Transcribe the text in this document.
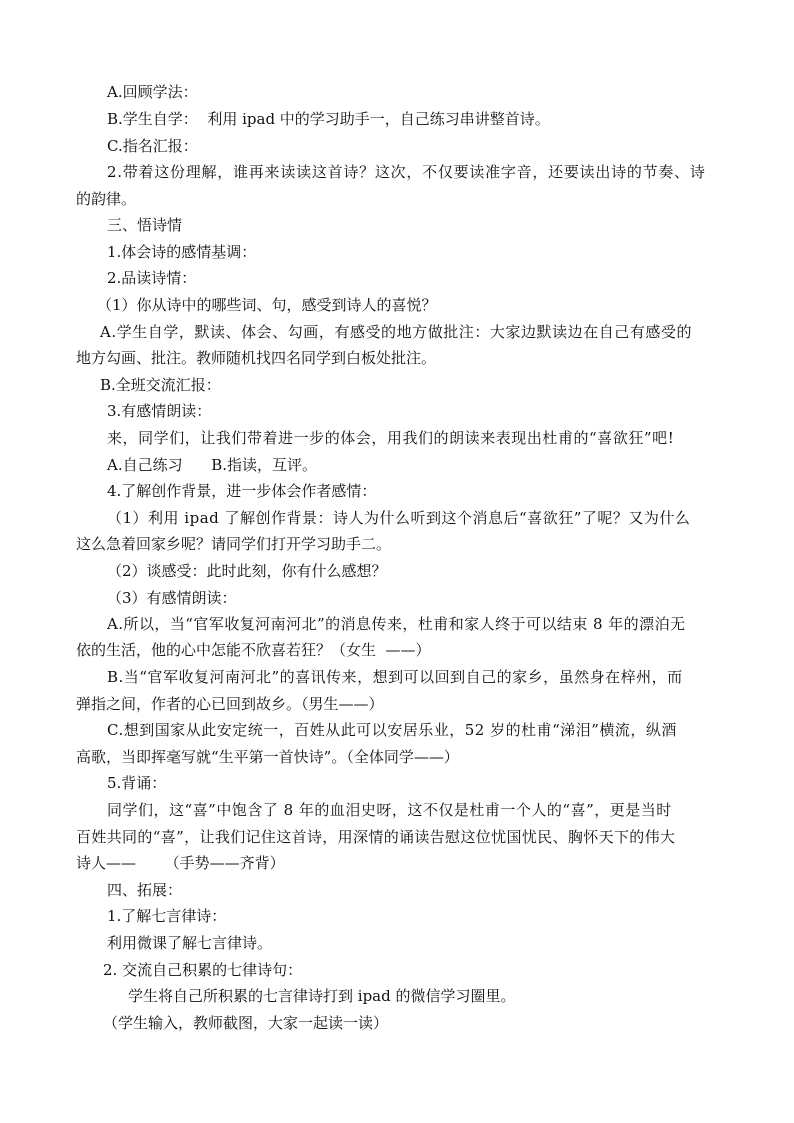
A.回顾学法：
B.学生自学：  利用 ipad 中的学习助手一，自己练习串讲整首诗。
C.指名汇报：
2.带着这份理解，谁再来读读这首诗？这次，不仅要读准字音，还要读出诗的节奏、诗
的韵律。
三、悟诗情
1.体会诗的感情基调：
2.品读诗情：
（1）你从诗中的哪些词、句，感受到诗人的喜悦？
A.学生自学，默读、体会、勾画，有感受的地方做批注：大家边默读边在自己有感受的
地方勾画、批注。教师随机找四名同学到白板处批注。
B.全班交流汇报：
3.有感情朗读：
来，同学们，让我们带着进一步的体会，用我们的朗读来表现出杜甫的“喜欲狂”吧!
A.自己练习      B.指读，互评。
4.了解创作背景，进一步体会作者感情：
（1）利用 ipad 了解创作背景：诗人为什么听到这个消息后“喜欲狂”了呢？又为什么
这么急着回家乡呢？请同学们打开学习助手二。
（2）谈感受：此时此刻，你有什么感想？
（3）有感情朗读：
A.所以，当“官军收复河南河北”的消息传来，杜甫和家人终于可以结束 8 年的漂泊无
依的生活，他的心中怎能不欣喜若狂？（女生  ——）
B.当“官军收复河南河北”的喜讯传来，想到可以回到自己的家乡，虽然身在梓州，而
弹指之间，作者的心已回到故乡。（男生——）
C.想到国家从此安定统一，百姓从此可以安居乐业，52 岁的杜甫“涕泪”横流，纵酒
高歌，当即挥毫写就“生平第一首快诗”。（全体同学——）
5.背诵：
同学们，这“喜”中饱含了 8 年的血泪史呀，这不仅是杜甫一个人的“喜”，更是当时
百姓共同的“喜”，让我们记住这首诗，用深情的诵读告慰这位忧国忧民、胸怀天下的伟大
诗人——      （手势——齐背）
四、拓展：
1.了解七言律诗：
利用微课了解七言律诗。
2. 交流自己积累的七律诗句：
学生将自己所积累的七言律诗打到 ipad 的微信学习圈里。
（学生输入，教师截图，大家一起读一读）
